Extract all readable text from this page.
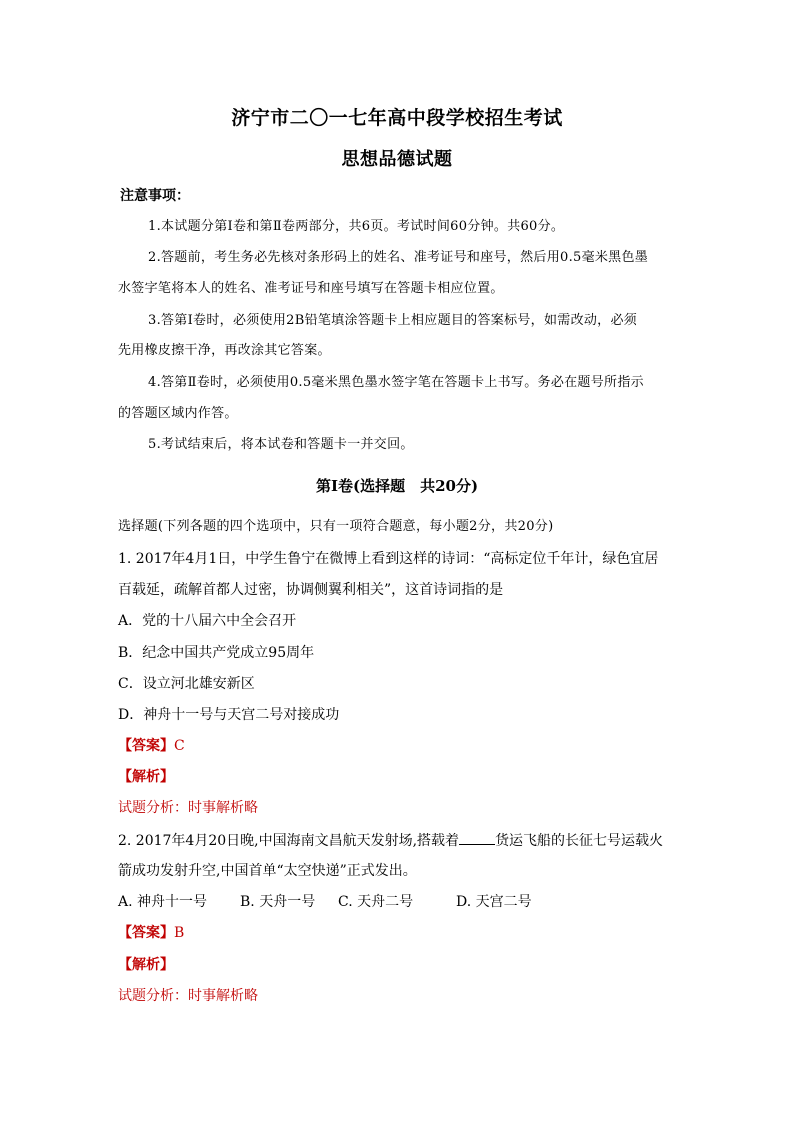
济宁市二〇一七年高中段学校招生考试
思想品德试题
注意事项：
1.本试题分第Ⅰ卷和第Ⅱ卷两部分，共6页。考试时间60分钟。共60分。
2.答题前，考生务必先核对条形码上的姓名、准考证号和座号，然后用0.5毫米黑色墨
水签字笔将本人的姓名、准考证号和座号填写在答题卡相应位置。
3.答第Ⅰ卷时，必须使用2B铅笔填涂答题卡上相应题目的答案标号，如需改动，必须
先用橡皮擦干净，再改涂其它答案。
4.答第Ⅱ卷时，必须使用0.5毫米黑色墨水签字笔在答题卡上书写。务必在题号所指示
的答题区域内作答。
5.考试结束后，将本试卷和答题卡一并交回。
第Ⅰ卷(选择题　共20分)
选择题(下列各题的四个选项中，只有一项符合题意，每小题2分，共20分)
1. 2017年4月1日，中学生鲁宁在微博上看到这样的诗词：“高标定位千年计，绿色宜居
百载延，疏解首都人过密，协调侧翼利相关”，这首诗词指的是
A．党的十八届六中全会召开
B．纪念中国共产党成立95周年
C．设立河北雄安新区
D．神舟十一号与天宫二号对接成功
【答案】C
【解析】
试题分析：时事解析略
2. 2017年4月20日晚,中国海南文昌航天发射场,搭载着	货运飞船的长征七号运载火
箭成功发射升空,中国首单“太空快递”正式发出。
A. 神舟十一号 B. 天舟一号 C. 天舟二号	D. 天宫二号
【答案】B
【解析】
试题分析：时事解析略
